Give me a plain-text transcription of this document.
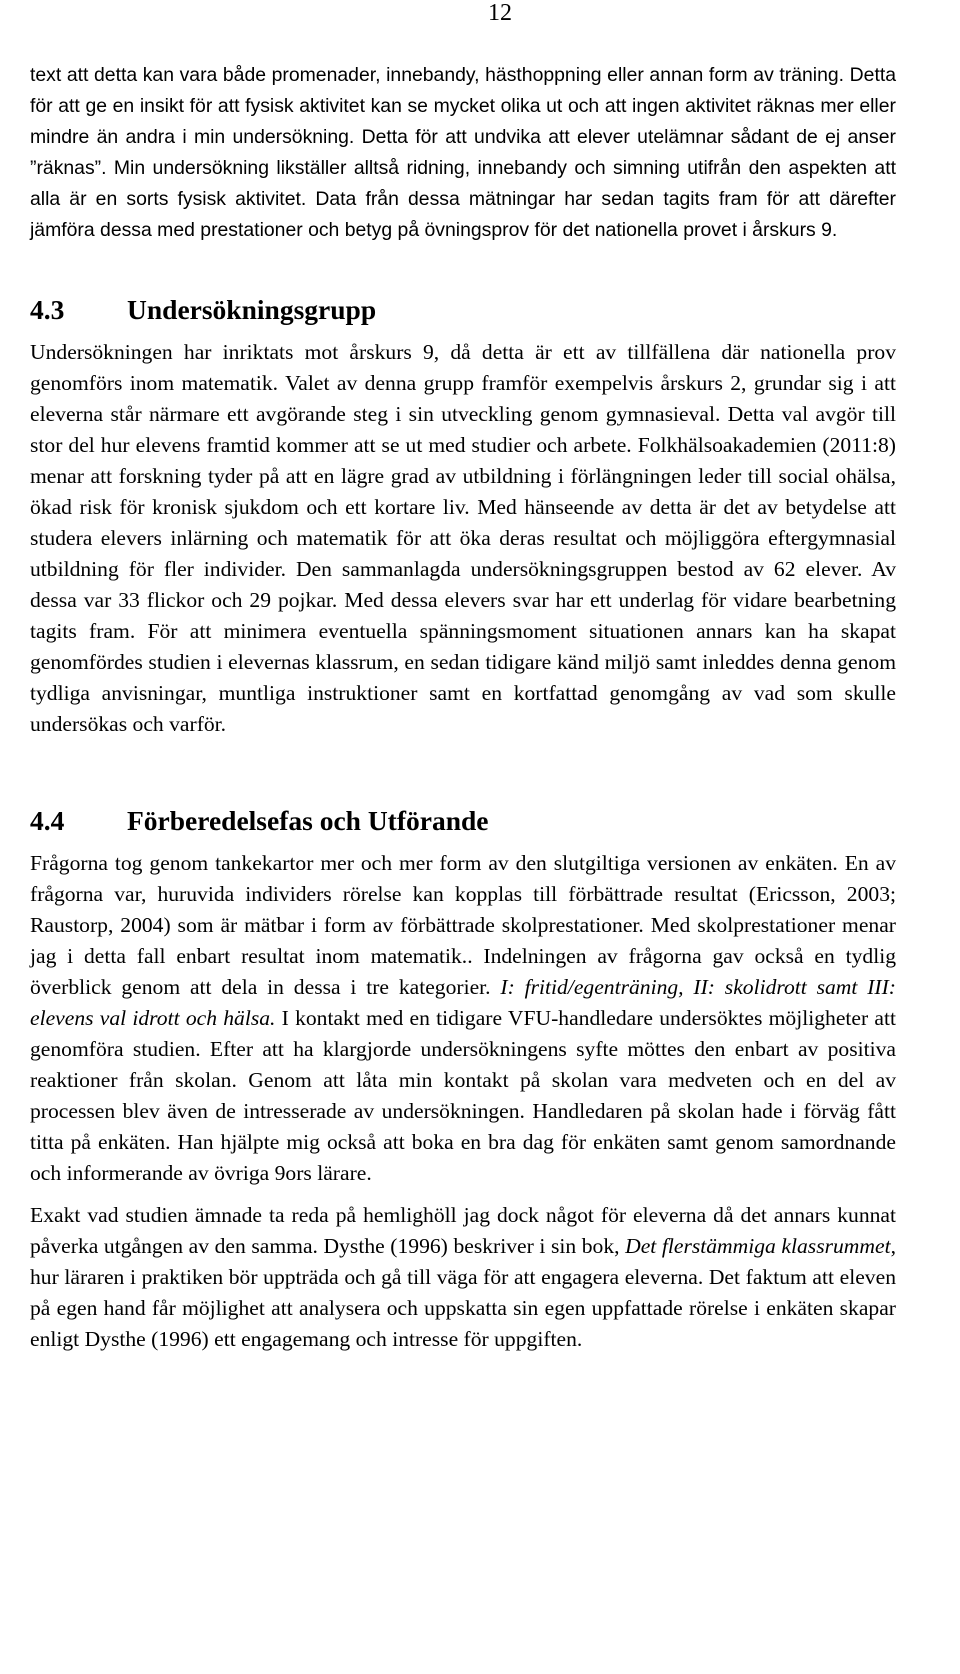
12

text att detta kan vara både promenader, innebandy, hästhoppning eller annan form av träning. Detta för att ge en insikt för att fysisk aktivitet kan se mycket olika ut och att ingen aktivitet räknas mer eller mindre än andra i min undersökning. Detta för att undvika att elever utelämnar sådant de ej anser ”räknas”. Min undersökning likställer alltså ridning, innebandy och simning utifrån den aspekten att alla är en sorts fysisk aktivitet. Data från dessa mätningar har sedan tagits fram för att därefter jämföra dessa med prestationer och betyg på övningsprov för det nationella provet i årskurs 9.

4.3 Undersökningsgrupp

Undersökningen har inriktats mot årskurs 9, då detta är ett av tillfällena där nationella prov genomförs inom matematik. Valet av denna grupp framför exempelvis årskurs 2, grundar sig i att eleverna står närmare ett avgörande steg i sin utveckling genom gymnasieval. Detta val avgör till stor del hur elevens framtid kommer att se ut med studier och arbete. Folkhälsoakademien (2011:8) menar att forskning tyder på att en lägre grad av utbildning i förlängningen leder till social ohälsa, ökad risk för kronisk sjukdom och ett kortare liv. Med hänseende av detta är det av betydelse att studera elevers inlärning och matematik för att öka deras resultat och möjliggöra eftergymnasial utbildning för fler individer. Den sammanlagda undersökningsgruppen bestod av 62 elever. Av dessa var 33 flickor och 29 pojkar. Med dessa elevers svar har ett underlag för vidare bearbetning tagits fram. För att minimera eventuella spänningsmoment situationen annars kan ha skapat genomfördes studien i elevernas klassrum, en sedan tidigare känd miljö samt inleddes denna genom tydliga anvisningar, muntliga instruktioner samt en kortfattad genomgång av vad som skulle undersökas och varför.

4.4 Förberedelsefas och Utförande

Frågorna tog genom tankekartor mer och mer form av den slutgiltiga versionen av enkäten. En av frågorna var, huruvida individers rörelse kan kopplas till förbättrade resultat (Ericsson, 2003; Raustorp, 2004) som är mätbar i form av förbättrade skolprestationer. Med skolprestationer menar jag i detta fall enbart resultat inom matematik.. Indelningen av frågorna gav också en tydlig överblick genom att dela in dessa i tre kategorier. I: fritid/egenträning, II: skolidrott samt III: elevens val idrott och hälsa. I kontakt med en tidigare VFU-handledare undersöktes möjligheter att genomföra studien. Efter att ha klargjorde undersökningens syfte möttes den enbart av positiva reaktioner från skolan. Genom att låta min kontakt på skolan vara medveten och en del av processen blev även de intresserade av undersökningen. Handledaren på skolan hade i förväg fått titta på enkäten. Han hjälpte mig också att boka en bra dag för enkäten samt genom samordnande och informerande av övriga 9ors lärare.

Exakt vad studien ämnade ta reda på hemlighöll jag dock något för eleverna då det annars kunnat påverka utgången av den samma. Dysthe (1996) beskriver i sin bok, Det flerstämmiga klassrummet, hur läraren i praktiken bör uppträda och gå till väga för att engagera eleverna. Det faktum att eleven på egen hand får möjlighet att analysera och uppskatta sin egen uppfattade rörelse i enkäten skapar enligt Dysthe (1996) ett engagemang och intresse för uppgiften.
